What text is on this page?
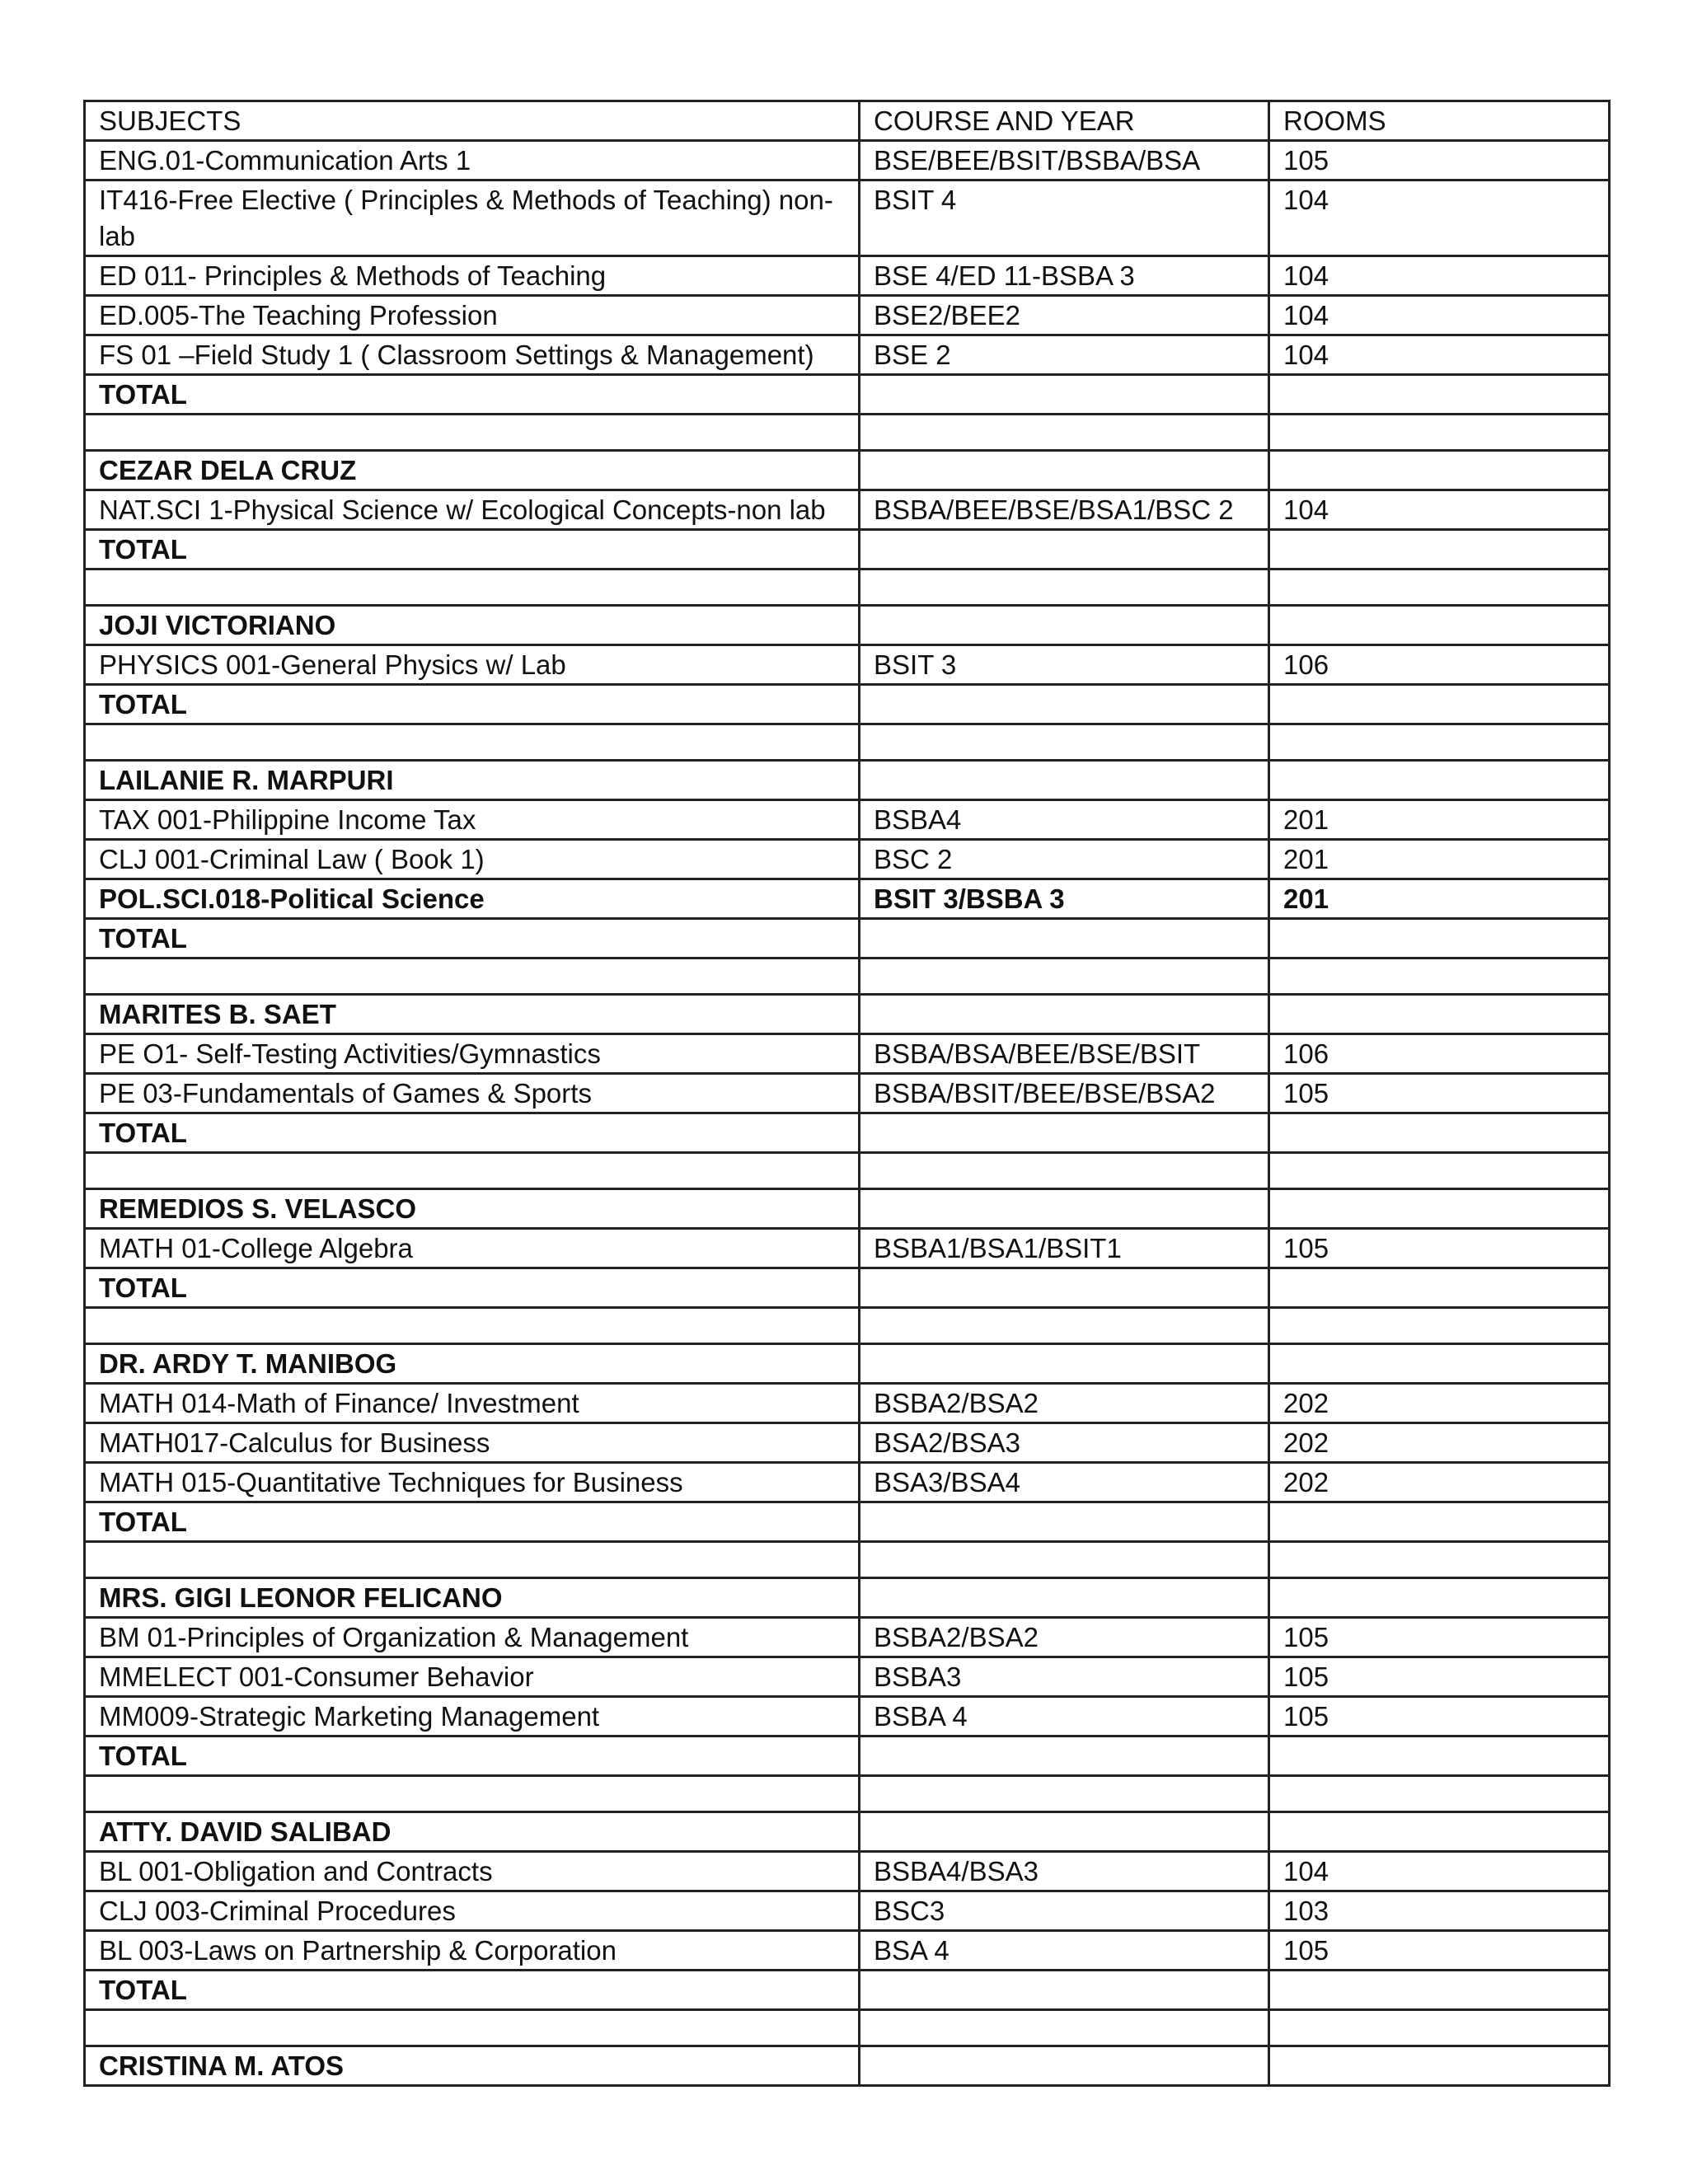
SUBJECTS	COURSE AND YEAR	ROOMS
ENG.01-Communication Arts 1	BSE/BEE/BSIT/BSBA/BSA	105
IT416-Free Elective ( Principles & Methods of Teaching) non-lab	BSIT 4	104
ED 011- Principles & Methods of Teaching	BSE 4/ED 11-BSBA 3	104
ED.005-The Teaching Profession	BSE2/BEE2	104
FS 01 –Field Study 1 ( Classroom Settings & Management)	BSE 2	104
TOTAL		

CEZAR DELA CRUZ		
NAT.SCI 1-Physical Science w/ Ecological Concepts-non lab	BSBA/BEE/BSE/BSA1/BSC 2	104
TOTAL		

JOJI VICTORIANO		
PHYSICS 001-General Physics w/ Lab	BSIT 3	106
TOTAL		

LAILANIE R. MARPURI		
TAX 001-Philippine Income Tax	BSBA4	201
CLJ 001-Criminal Law ( Book 1)	BSC 2	201
POL.SCI.018-Political Science	BSIT 3/BSBA 3	201
TOTAL		

MARITES B. SAET		
PE O1- Self-Testing Activities/Gymnastics	BSBA/BSA/BEE/BSE/BSIT	106
PE 03-Fundamentals of Games & Sports	BSBA/BSIT/BEE/BSE/BSA2	105
TOTAL		

REMEDIOS S. VELASCO		
MATH 01-College Algebra	BSBA1/BSA1/BSIT1	105
TOTAL		

DR. ARDY T. MANIBOG		
MATH 014-Math of Finance/ Investment	BSBA2/BSA2	202
MATH017-Calculus for Business	BSA2/BSA3	202
MATH 015-Quantitative Techniques for Business	BSA3/BSA4	202
TOTAL		

MRS. GIGI LEONOR FELICANO		
BM 01-Principles of Organization & Management	BSBA2/BSA2	105
MMELECT 001-Consumer Behavior	BSBA3	105
MM009-Strategic Marketing Management	BSBA 4	105
TOTAL		

ATTY. DAVID SALIBAD		
BL 001-Obligation and Contracts	BSBA4/BSA3	104
CLJ 003-Criminal Procedures	BSC3	103
BL 003-Laws on Partnership & Corporation	BSA 4	105
TOTAL		

CRISTINA M. ATOS		
